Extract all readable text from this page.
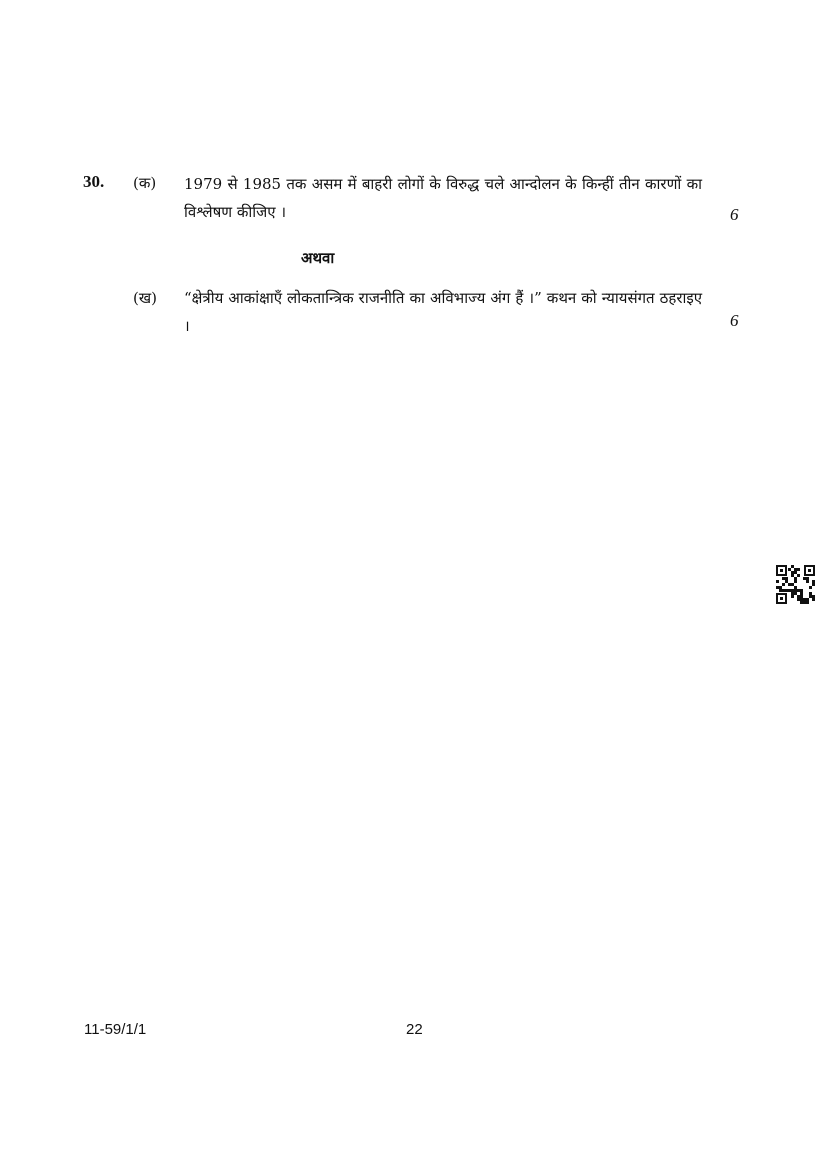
30. (क) 1979 से 1985 तक असम में बाहरी लोगों के विरुद्ध चले आन्दोलन के किन्हीं तीन कारणों का विश्लेषण कीजिए ।	6
अथवा
(ख) “क्षेत्रीय आकांक्षाएँ लोकतान्त्रिक राजनीति का अविभाज्य अंग हैं ।” कथन को न्यायसंगत ठहराइए ।	6
11-59/1/1	22
